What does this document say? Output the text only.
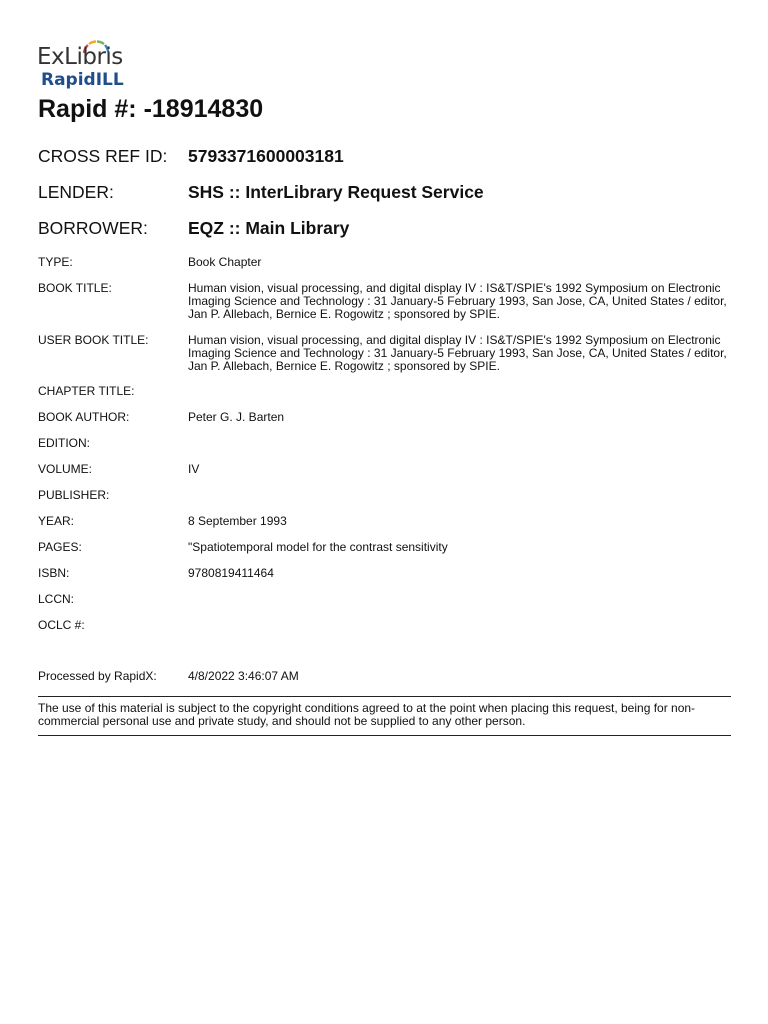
ExLibris
RapidILL
Rapid #: -18914830
CROSS REF ID: 5793371600003181
LENDER:	SHS :: InterLibrary Request Service
BORROWER: EQZ :: Main Library
TYPE:	Book Chapter
BOOK TITLE:	Human vision, visual processing, and digital display IV : IS&T/SPIE's 1992 Symposium on Electronic Imaging Science and Technology : 31 January-5 February 1993, San Jose, CA, United States / editor, Jan P. Allebach, Bernice E. Rogowitz ; sponsored by SPIE.
USER BOOK TITLE:	Human vision, visual processing, and digital display IV : IS&T/SPIE's 1992 Symposium on Electronic Imaging Science and Technology : 31 January-5 February 1993, San Jose, CA, United States / editor, Jan P. Allebach, Bernice E. Rogowitz ; sponsored by SPIE.
CHAPTER TITLE:
BOOK AUTHOR:	Peter G. J. Barten
EDITION:
VOLUME:	IV
PUBLISHER:
YEAR:	8 September 1993
PAGES:	"Spatiotemporal model for the contrast sensitivity
ISBN:	9780819411464
LCCN:
OCLC #:
Processed by RapidX:	4/8/2022 3:46:07 AM
The use of this material is subject to the copyright conditions agreed to at the point when placing this request, being for non-commercial personal use and private study, and should not be supplied to any other person.
